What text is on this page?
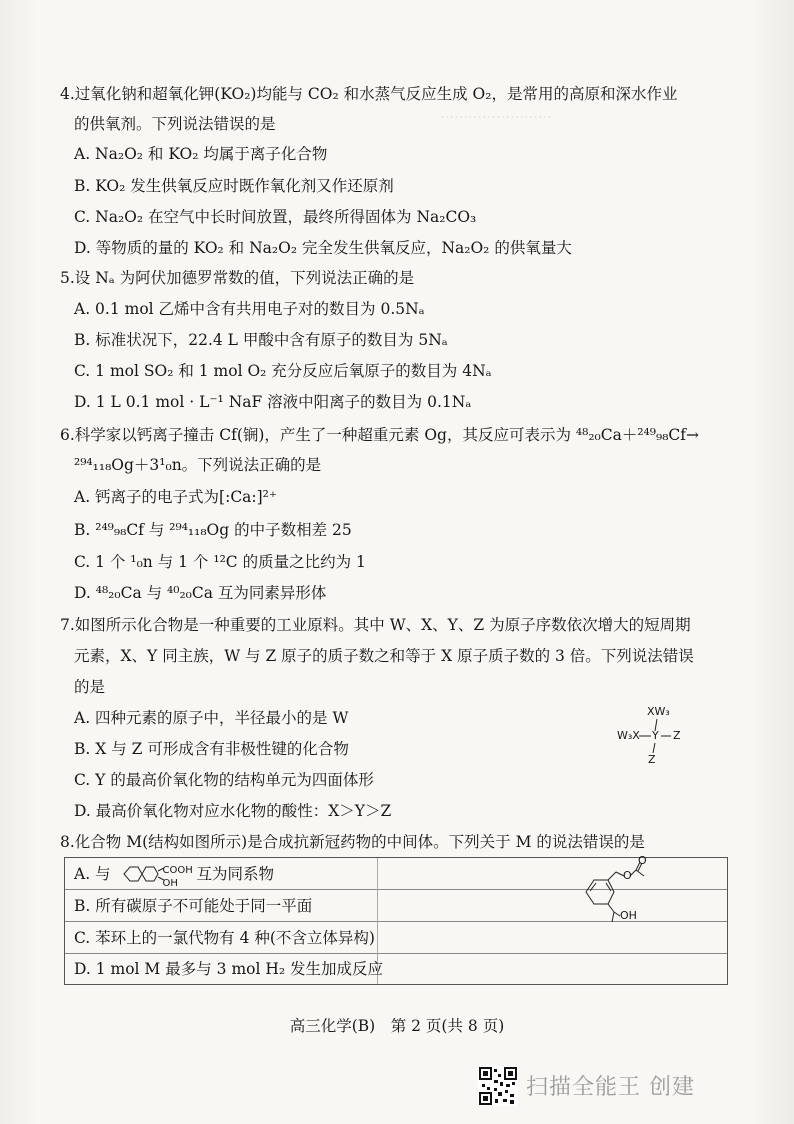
……………………
4.过氧化钠和超氧化钾(KO₂)均能与 CO₂ 和水蒸气反应生成 O₂，是常用的高原和深水作业
的供氧剂。下列说法错误的是
A. Na₂O₂ 和 KO₂ 均属于离子化合物
B. KO₂ 发生供氧反应时既作氧化剂又作还原剂
C. Na₂O₂ 在空气中长时间放置，最终所得固体为 Na₂CO₃
D. 等物质的量的 KO₂ 和 Na₂O₂ 完全发生供氧反应，Na₂O₂ 的供氧量大
5.设 Nₐ 为阿伏加德罗常数的值，下列说法正确的是
A. 0.1 mol 乙烯中含有共用电子对的数目为 0.5Nₐ
B. 标准状况下，22.4 L 甲酸中含有原子的数目为 5Nₐ
C. 1 mol SO₂ 和 1 mol O₂ 充分反应后氧原子的数目为 4Nₐ
D. 1 L 0.1 mol · L⁻¹ NaF 溶液中阳离子的数目为 0.1Nₐ
6.科学家以钙离子撞击 Cf(锎)，产生了一种超重元素 Og，其反应可表示为 ⁴⁸₂₀Ca＋²⁴⁹₉₈Cf→
²⁹⁴₁₁₈Og＋3¹₀n。下列说法正确的是
A. 钙离子的电子式为[:Ca:]²⁺
B. ²⁴⁹₉₈Cf 与 ²⁹⁴₁₁₈Og 的中子数相差 25
C. 1 个 ¹₀n 与 1 个 ¹²C 的质量之比约为 1
D. ⁴⁸₂₀Ca 与 ⁴⁰₂₀Ca 互为同素异形体
7.如图所示化合物是一种重要的工业原料。其中 W、X、Y、Z 为原子序数依次增大的短周期
元素，X、Y 同主族，W 与 Z 原子的质子数之和等于 X 原子质子数的 3 倍。下列说法错误
的是
A. 四种元素的原子中，半径最小的是 W
B. X 与 Z 可形成含有非极性键的化合物
C. Y 的最高价氧化物的结构单元为四面体形
D. 最高价氧化物对应水化物的酸性：X＞Y＞Z
XW₃
W₃X Y Z
Z
8.化合物 M(结构如图所示)是合成抗新冠药物的中间体。下列关于 M 的说法错误的是
A. 与	COOH
OH
互为同系物
B. 所有碳原子不可能处于同一平面
C. 苯环上的一氯代物有 4 种(不含立体异构)
D. 1 mol M 最多与 3 mol H₂ 发生加成反应
O
O
OH
高三化学(B)　第 2 页(共 8 页)
扫描全能王 创建
